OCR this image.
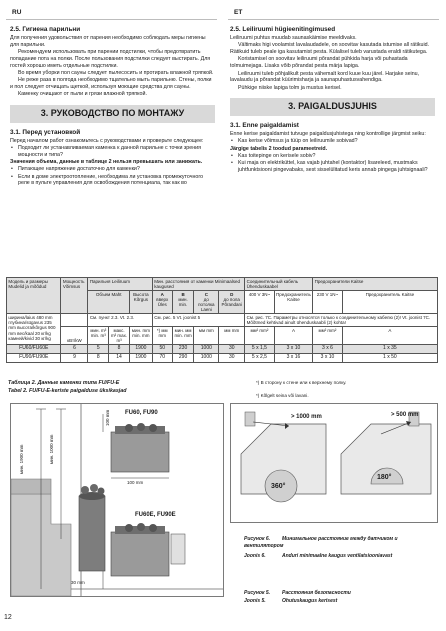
RU	ET
2.5. Гигиена парильни
Для получения удовольствия от парения необходимо соблюдать меры гигиены для парильни.
Рекомендуем использовать при парении подстилки, чтобы предотвратить попадание пота на полки. После пользования подстилки следует выстирать. Для гостей хорошо иметь отдельные подстилки.
Во время уборки пол сауны следует пылесосить и протирать влажной тряпкой.
Не реже раза в полгода необходимо тщательно мыть парильню. Стены, полки и пол следует отчищать щеткой, используя моющие средства для сауны.
Каменку очищают от пыли и грязи влажной тряпкой.
3. РУКОВОДСТВО ПО МОНТАЖУ
3.1. Перед установкой
Перед началом работ ознакомьтесь с руководствами и проверьте следующее:
• Подходит ли устанавливаемая каменка к данной парильне с точки зрения мощности и типа?
Значения объема, данные в таблице 2 нельзя превышать или занижать.
• Питающее напряжение достаточно для каменки?
• Если в доме электроотопление, необходима ли установка промежуточного реле в пульте управления для освобождения потенциала, так как во
2.5. Leiliruumi hügieenitingimused
Leiliruumi puhtus muudab saunaskäimise meeldivaks.
Vältimaks higi voolamist lavalaudadele, on soovitav kasutada istumise all rätikuid. Rätikuid tuleb peale iga kasutamist pesta. Külalisel tuleb varustada eraldi rätikutega.
Koristamisel on soovitav leiliruumi põrandat pühkida harja või puhastada tolmuimejaga. Lisaks võib põrandat pesta märja lapiga.
Leiliruumi tuleb põhjalikult pesta vähemalt kord kuue kuu järel. Harjake seinu, lavalaudu ja põrandat küürimisharja ja saunapuhastusvahendiga.
Pühkige niiske lapiga tolm ja mustus kerisel.
3. PAIGALDUSJUHIS
3.1. Enne paigaldamist
Enne kerise paigaldamist tutvuge paigaldusjuhistega ning kontrollige järgmist seiku:
• Kas kerise võimsus ja tüüp on leiliruumile sobivad?
Järgige tabelis 2 toodud parameetreid.
• Kas toitepinge on kerisele sobiv?
• Kui maja on elektriküttel, kas vajab juhtahel (kontaktor) lisareleed, mustmaks juhtfunktsiooni pingevabaks, sest sisselülitatud keris annab pingega juhtsignaali?
Модель и размеры Mudelid ja mõõdud	Мощность Võimsus	Парильня Leiliruum			Мин. расстояния от каменки Minimaalsed kaugused				Соединительный кабель Ühenduskaabel		Предохранители Kaitse	
		Объем Maht		Высота Kõrgus	A
вверх Üles	B
мин. min.	C
до потолка Laeni	D
до пола Põrandani	400 V 3N~	Предохранитель Kaitse	230 V 1N~	Предохранитель Kaitse
ширина/laius 480 mm глубина/sügavus 235 mm высота/kõrgus 900 mm вес/kaal 20 кг/kg камней/kivid 30 кг/kg		См. пункт 2.3. Vt. 2.3.			См. рис. 5 Vt. joonist 5				См. рис. 7С. Параметры относятся только к соединительному кабелю (2)! Vt. joonist 7C. Mõõtmed kehtivad ainult ühenduskaabli (2) kohta!			
	кВт/kW	мин. m³ min. m³	макс. m³ max. m³	мин. mm min. mm	*) мм mm	мин. мм min. mm	мм mm	мм mm	мм² mm²	A	мм² mm²	A
FU60/FU60E	6	5	8	1900	50	230	1000	30	5 x 1,5	3 x 10	3 x 6	1 x 35
FU90/FU90E	9	8	14	1900	70	290	1000	30	5 x 2,5	3 x 16	3 x 10	1 x 50
Таблица 2. Данные каменки типа FU/FU-E
Tabel 2. FU/FU-E-keriste paigalduse üksikasjad
*) В сторону к стене или к верхнему полку.
*) Kõlgelt seina või lavani.
FU60, FU90
FU60E, FU90E
мин. 1900 mm	мин. 1000 mm
30 mm
100 mm
100 mm
> 1000 mm	> 500 mm
360°
180°
Рисунок 6. Минимальное расстояние между датчиком и вентилятором
Joonis 6.	Anduri minimaalne kaugus ventilatsiooniavast
Рисунок 5. Расстояния безопасности
Joonis 5.	Ohutuskaugus kerisest
12
